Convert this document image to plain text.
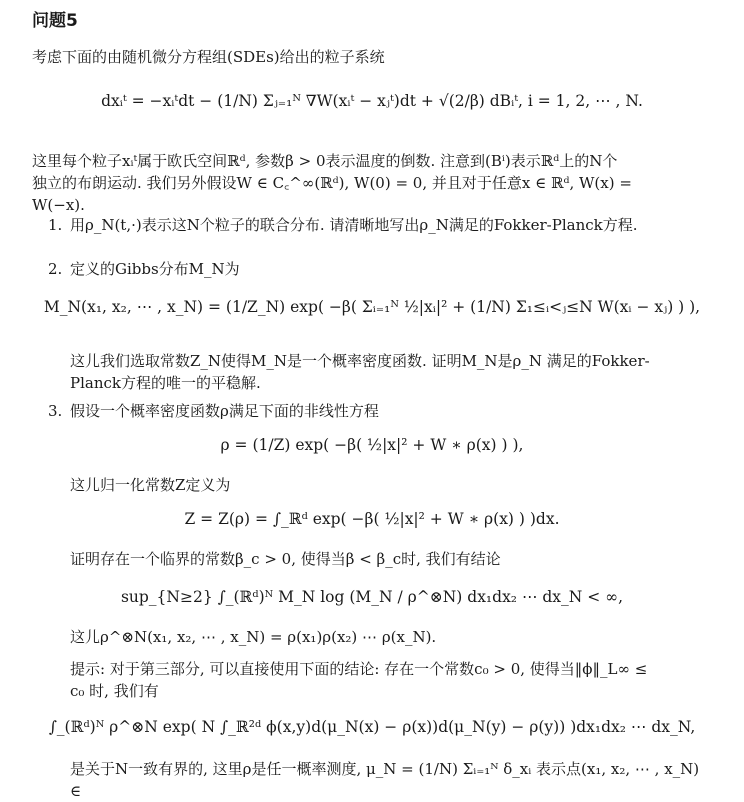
问题5
考虑下面的由随机微分方程组(SDEs)给出的粒子系统
dxᵢᵗ = −xᵢᵗdt − (1/N) Σⱼ₌₁ᴺ ∇W(xᵢᵗ − xⱼᵗ)dt + √(2/β) dBᵢᵗ, i = 1, 2, ⋯ , N.
这里每个粒子xᵢᵗ属于欧氏空间ℝᵈ, 参数β > 0表示温度的倒数. 注意到(Bⁱ)表示ℝᵈ上的N个
独立的布朗运动. 我们另外假设W ∈ C꜀^∞(ℝᵈ), W(0) = 0, 并且对于任意x ∈ ℝᵈ, W(x) =
W(−x).
1. 用ρ_N(t,·)表示这N个粒子的联合分布. 请清晰地写出ρ_N满足的Fokker-Planck方程.
2. 定义的Gibbs分布M_N为
M_N(x₁, x₂, ⋯ , x_N) = (1/Z_N) exp( −β( Σᵢ₌₁ᴺ ½|xᵢ|² + (1/N) Σ₁≤ᵢ<ⱼ≤N W(xᵢ − xⱼ) ) ),
这儿我们选取常数Z_N使得M_N是一个概率密度函数. 证明M_N是ρ_N 满足的Fokker-
Planck方程的唯一的平稳解.
3. 假设一个概率密度函数ρ满足下面的非线性方程
ρ = (1/Z) exp( −β( ½|x|² + W ∗ ρ(x) ) ),
这儿归一化常数Z定义为
Z = Z(ρ) = ∫_ℝᵈ exp( −β( ½|x|² + W ∗ ρ(x) ) )dx.
证明存在一个临界的常数β_c > 0, 使得当β < β_c时, 我们有结论
sup_{N≥2} ∫_(ℝᵈ)ᴺ M_N log (M_N / ρ^⊗N) dx₁dx₂ ⋯ dx_N < ∞,
这儿ρ^⊗N(x₁, x₂, ⋯ , x_N) = ρ(x₁)ρ(x₂) ⋯ ρ(x_N).
提示: 对于第三部分, 可以直接使用下面的结论: 存在一个常数c₀ > 0, 使得当‖ϕ‖_L∞ ≤
c₀ 时, 我们有
∫_(ℝᵈ)ᴺ ρ^⊗N exp( N ∫_ℝ²ᵈ ϕ(x,y)d(μ_N(x) − ρ(x))d(μ_N(y) − ρ(y)) )dx₁dx₂ ⋯ dx_N,
是关于N一致有界的, 这里ρ是任一概率测度, μ_N = (1/N) Σᵢ₌₁ᴺ δ_xᵢ 表示点(x₁, x₂, ⋯ , x_N) ∈
